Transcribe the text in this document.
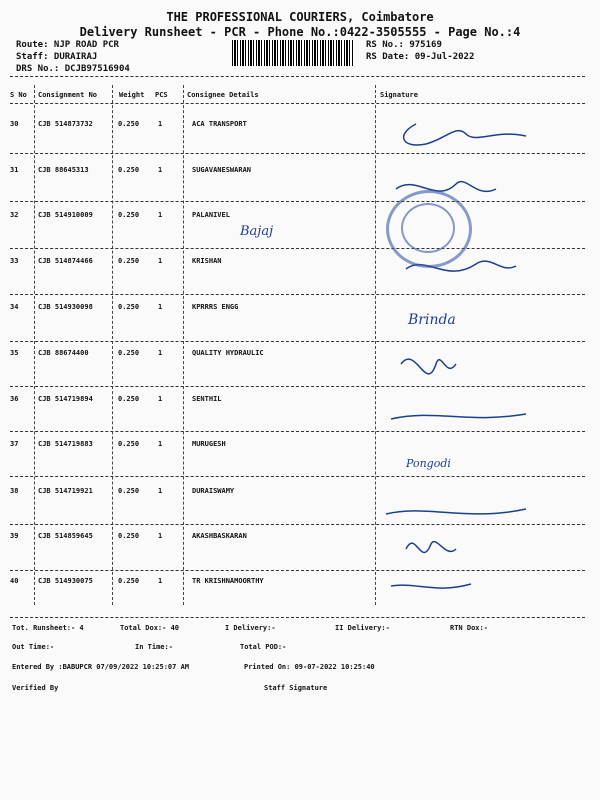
THE PROFESSIONAL COURIERS, Coimbatore
Delivery Runsheet - PCR - Phone No.:0422-3505555 - Page No.:4
Route: NJP ROAD PCR
Staff: DURAIRAJ
DRS No.: DCJB97516904
RS No.: 975169
RS Date: 09-Jul-2022
S No Consignment No	Weight PCS	Consignee Details	Signature
30	CJB 514873732	0.250	1	ACA TRANSPORT
31	CJB 88645313	0.250	1	SUGAVANESWARAN
32	CJB 514910009	0.250	1	PALANIVEL
33	CJB 514874466	0.250	1	KRISHAN
34	CJB 514930098	0.250	1	KPRRRS ENGG
35	CJB 88674400	0.250	1	QUALITY HYDRAULIC
36	CJB 514719894	0.250	1	SENTHIL
37	CJB 514719883	0.250	1	MURUGESH
38	CJB 514719921	0.250	1	DURAISWAMY
39	CJB 514859645	0.250	1	AKASHBASKARAN
40	CJB 514930075	0.250	1	TR KRISHNAMOORTHY
Bajaj
Brinda
Pongodi
Tot. Runsheet:- 4	Total Dox:- 40	I Delivery:-	II Delivery:-	RTN Dox:-
Out Time:-	In Time:-	Total POD:-
Entered By :BABUPCR 07/09/2022 10:25:07 AM	Printed On: 09-07-2022 10:25:40
Verified By	Staff Signature
